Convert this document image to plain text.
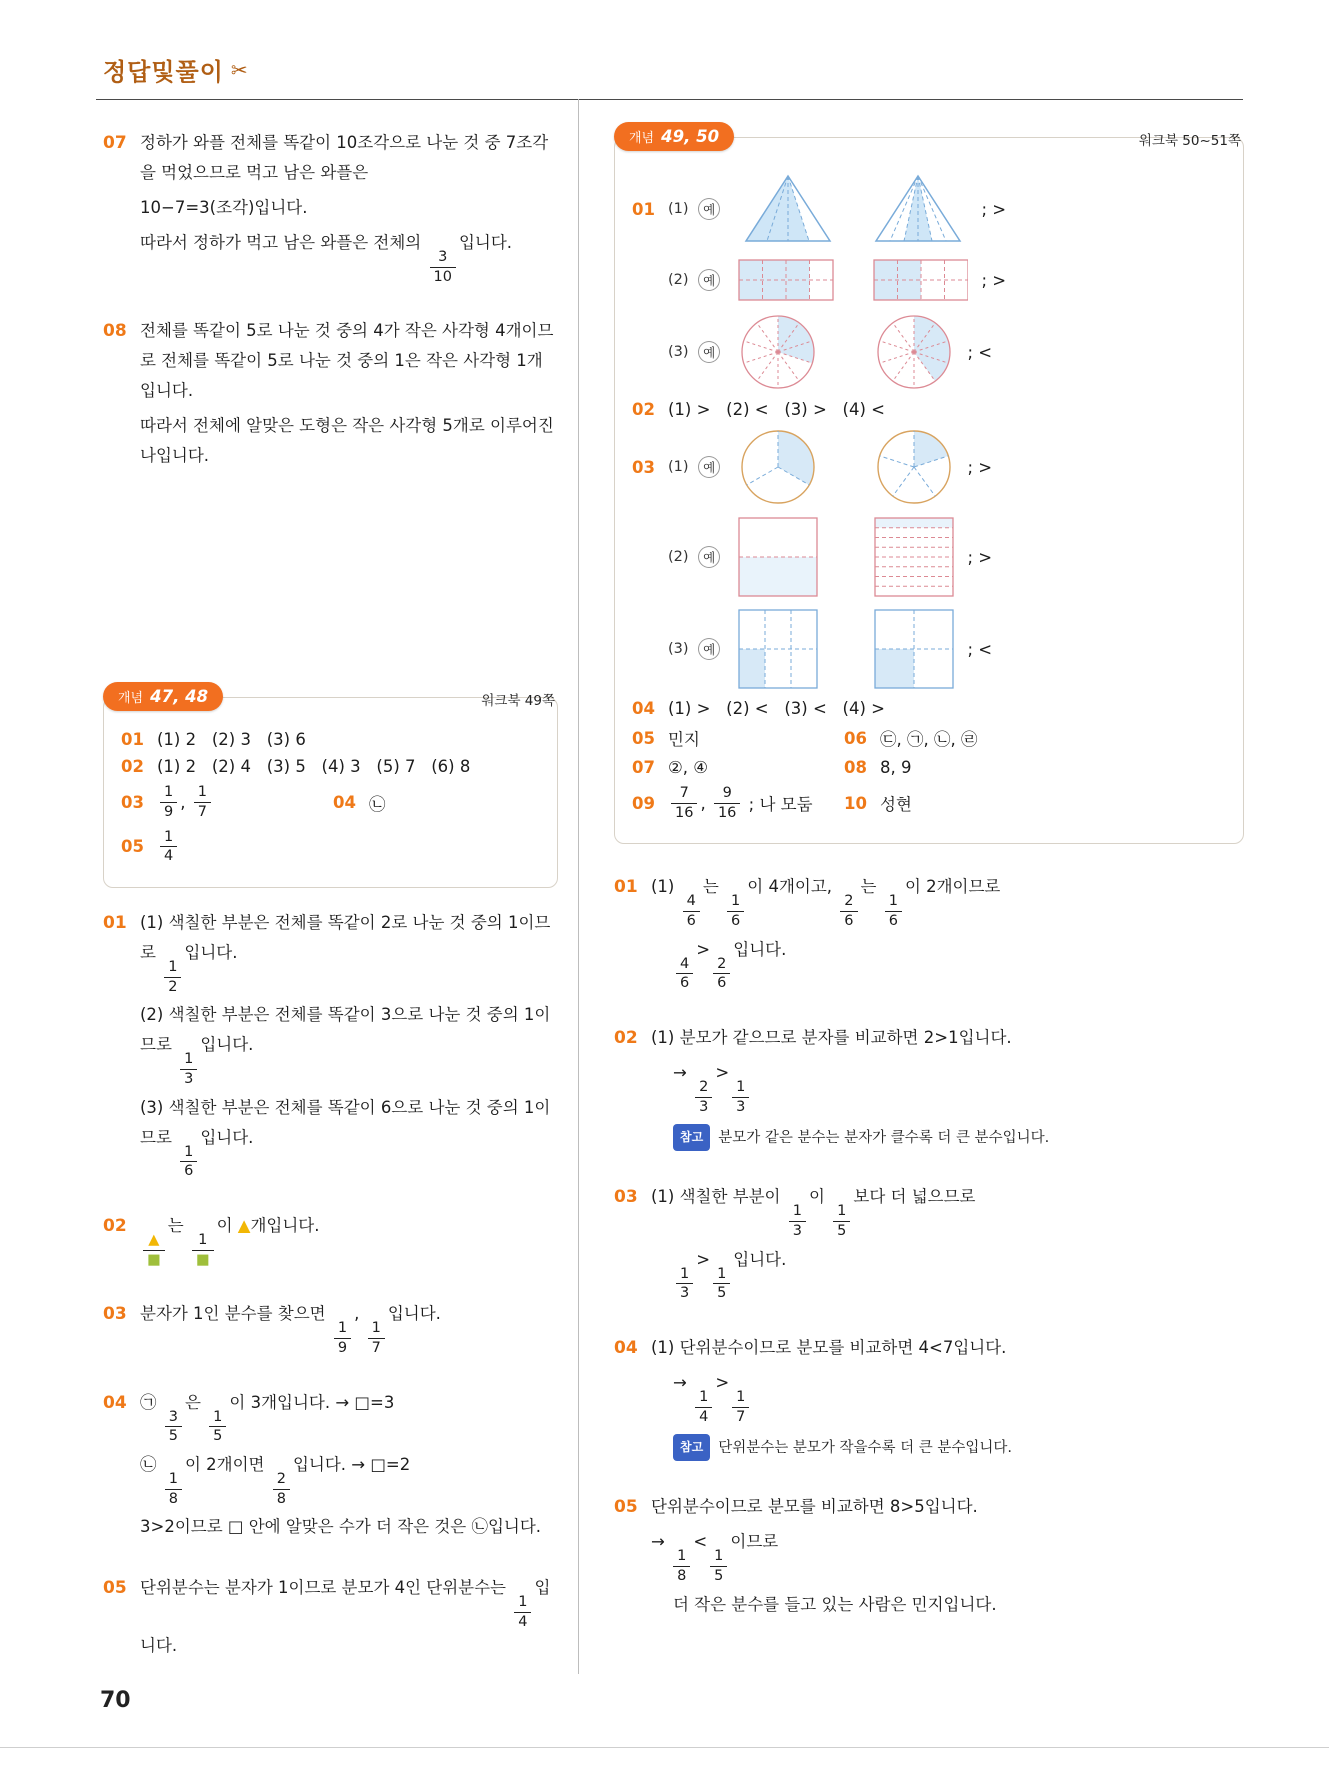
정답및풀이 ✂
07 정하가 와플 전체를 똑같이 10조각으로 나눈 것 중 7조각을 먹었으므로 먹고 남은 와플은
10−7=3(조각)입니다.
따라서 정하가 먹고 남은 와플은 전체의
$\frac{3}{10}$
입니다.
08 전체를 똑같이 5로 나눈 것 중의 4가 작은 사각형 4개이므로 전체를 똑같이 5로 나눈 것 중의 1은 작은 사각형 1개입니다.
따라서 전체에 알맞은 도형은 작은 사각형 5개로 이루어진 나입니다.
개념 47, 48	워크북 49쪽
01 (1) 2   (2) 3   (3) 6
02 (1) 2   (2) 4   (3) 5   (4) 3   (5) 7   (6) 8
$03 \frac{1}{9}$ , $\frac{1}{7}$	04 ㉡
$05 \frac{1}{4}$
01 (1) 색칠한 부분은 전체를 똑같이 2로 나눈 것 중의 1이므로
$\frac{1}{2}$
입니다.
(2) 색칠한 부분은 전체를 똑같이 3으로 나눈 것 중의 1이므로
$\frac{1}{3}$
입니다.
(3) 색칠한 부분은 전체를 똑같이 6으로 나눈 것 중의 1이므로
$\frac{1}{6}$
입니다.
02
$\frac{▲}{■}$
는
$\frac{1}{■}$
이 ▲개입니다.
03 분자가 1인 분수를 찾으면
$\frac{1}{9}$
,
$\frac{1}{7}$
입니다.
04 ㉠
$\frac{3}{5}$
은
$\frac{1}{5}$
이 3개입니다. → □=3
㉡
$\frac{1}{8}$
이 2개이면
$\frac{2}{8}$
입니다. → □=2
3>2이므로 □ 안에 알맞은 수가 더 작은 것은 ㉡입니다.
05 단위분수는 분자가 1이므로 분모가 4인 단위분수는
$\frac{1}{4}$
입니다.
개념 49, 50	워크북 50~51쪽
01 (1) 예	; >
(2) 예	; >
(3) 예	; <
02 (1) >   (2) <   (3) >   (4) <
03 (1) 예	; >
(2) 예	; >
(3) 예	; <
04 (1) >   (2) <   (3) <   (4) >
05 민지	06 ㉢, ㉠, ㉡, ㉣
07 ②, ④	08 8, 9
$09 \frac{7}{16}$ , $\frac{9}{16}$ ; 나 모둠 10 성현
01 (1)
$\frac{4}{6}$
는
$\frac{1}{6}$
이 4개이고,
$\frac{2}{6}$
는
$\frac{1}{6}$
이 2개이므로
$\frac{4}{6}$
>
$\frac{2}{6}$
입니다.
02 (1) 분모가 같으므로 분자를 비교하면 2>1입니다.
→
$\frac{2}{3}$
>
$\frac{1}{3}$
참고 분모가 같은 분수는 분자가 클수록 더 큰 분수입니다.
03 (1) 색칠한 부분이
$\frac{1}{3}$
이
$\frac{1}{5}$
보다 더 넓으므로
$\frac{1}{3}$
>
$\frac{1}{5}$
입니다.
04 (1) 단위분수이므로 분모를 비교하면 4<7입니다.
→
$\frac{1}{4}$
>
$\frac{1}{7}$
참고 단위분수는 분모가 작을수록 더 큰 분수입니다.
05 단위분수이므로 분모를 비교하면 8>5입니다.
→
$\frac{1}{8}$
<
$\frac{1}{5}$
이므로
더 작은 분수를 들고 있는 사람은 민지입니다.
70
